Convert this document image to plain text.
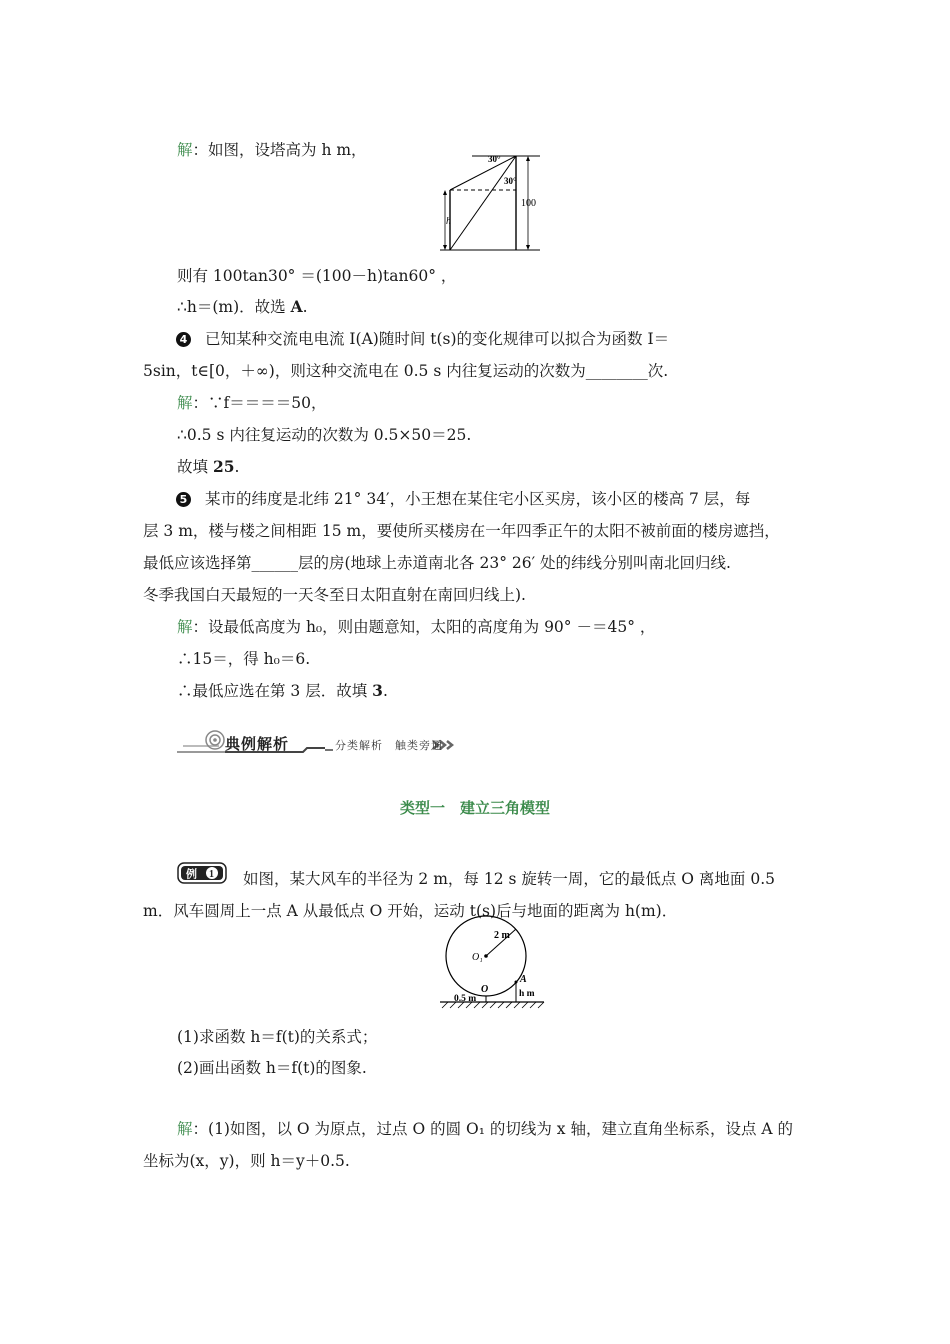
解：如图，设塔高为 h m，	30°
30°
h
100
则有 100tan30° ＝(100－h)tan60° ，
∴h＝(m)．故选 A.
4 已知某种交流电电流 I(A)随时间 t(s)的变化规律可以拟合为函数 I＝
5sin，t∈[0，＋∞)，则这种交流电在 0.5 s 内往复运动的次数为________次.
解：∵f＝＝＝＝50，
∴0.5 s 内往复运动的次数为 0.5×50＝25.
故填 25.
5 某市的纬度是北纬 21° 34′，小王想在某住宅小区买房，该小区的楼高 7 层，每
层 3 m，楼与楼之间相距 15 m，要使所买楼房在一年四季正午的太阳不被前面的楼房遮挡，
最低应该选择第______层的房(地球上赤道南北各 23° 26′ 处的纬线分别叫南北回归线.
冬季我国白天最短的一天冬至日太阳直射在南回归线上).
解：设最低高度为 h₀，则由题意知，太阳的高度角为 90° －＝45° ，
∴15＝，得 h₀＝6.
∴最低应选在第 3 层．故填 3.
典例解析	分类解析　触类旁通
类型一　建立三角模型
例 1 如图，某大风车的半径为 2 m，每 12 s 旋转一周，它的最低点 O 离地面 0.5
m．风车圆周上一点 A 从最低点 O 开始，运动 t(s)后与地面的距离为 h(m)．
2 m
O₁
A
O	h m
0.5 m
(1)求函数 h＝f(t)的关系式；
(2)画出函数 h＝f(t)的图象.
解：(1)如图，以 O 为原点，过点 O 的圆 O₁ 的切线为 x 轴，建立直角坐标系，设点 A 的
坐标为(x，y)，则 h＝y＋0.5.
